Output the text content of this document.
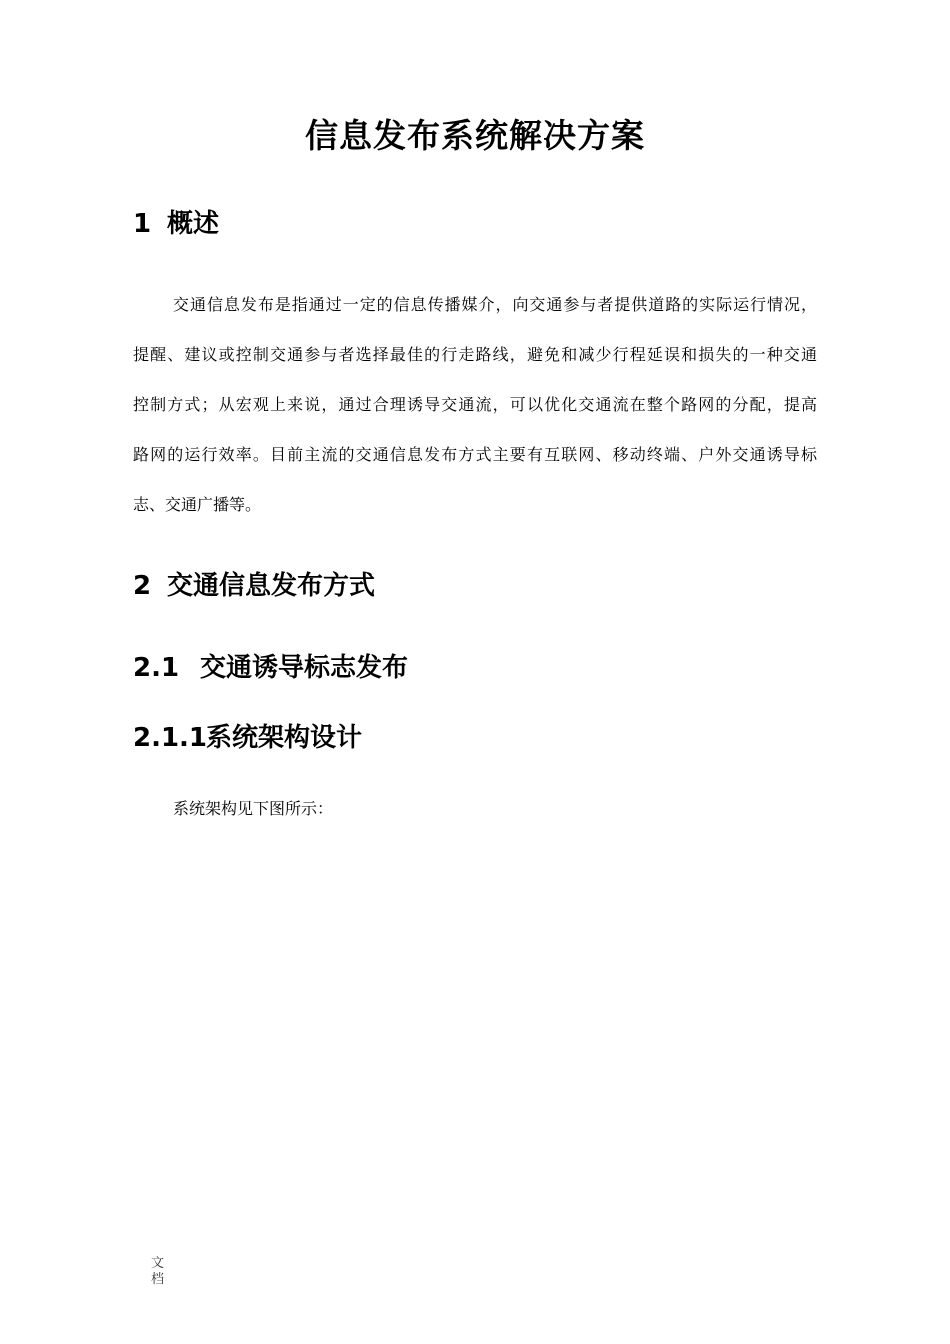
信息发布系统解决方案
1 概述
交通信息发布是指通过一定的信息传播媒介，向交通参与者提供道路的实际运行情况，
提醒、建议或控制交通参与者选择最佳的行走路线，避免和减少行程延误和损失的一种交通
控制方式；从宏观上来说，通过合理诱导交通流，可以优化交通流在整个路网的分配，提高
路网的运行效率。目前主流的交通信息发布方式主要有互联网、移动终端、户外交通诱导标
志、交通广播等。
2 交通信息发布方式
2.1 交通诱导标志发布
2.1.1系统架构设计

系统架构见下图所示：

文档
